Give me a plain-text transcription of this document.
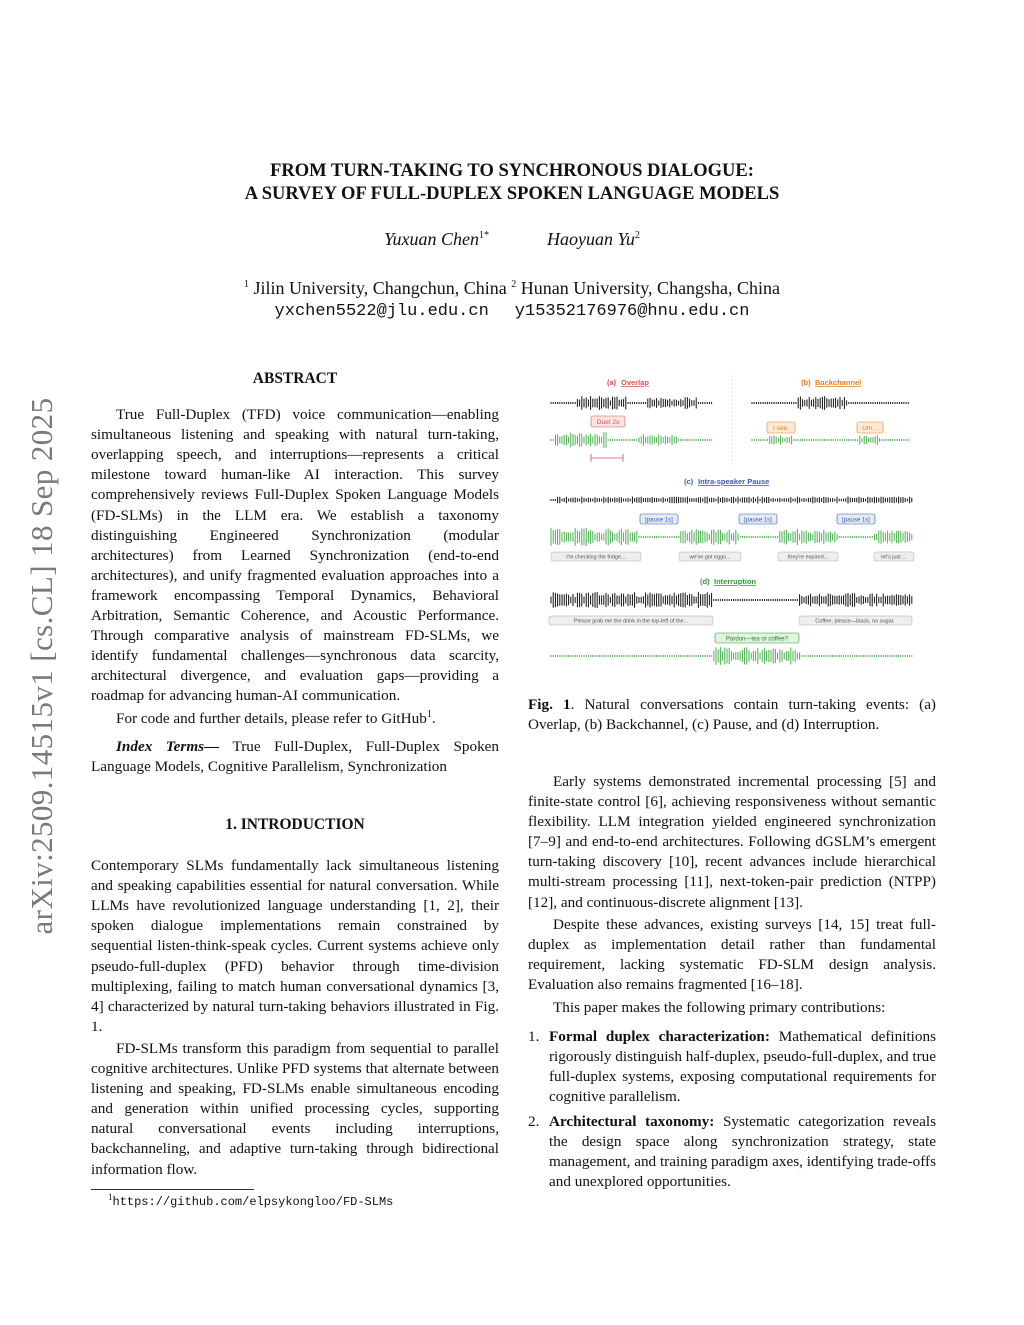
FROM TURN-TAKING TO SYNCHRONOUS DIALOGUE:
A SURVEY OF FULL-DUPLEX SPOKEN LANGUAGE MODELS
Yuxuan Chen$^{1*}$	Haoyuan Yu$^2$
$^1$ Jilin University, Changchun, China $^2$ Hunan University, Changsha, China
yxchen5522@jlu.edu.cn y15352176976@hnu.edu.cn
arXiv:2509.14515v1 [cs.CL] 18 Sep 2025
ABSTRACT

True Full-Duplex (TFD) voice communication—enabling simultaneous listening and speaking with natural turn-taking, overlapping speech, and interruptions—represents a critical milestone toward human-like AI interaction. This survey comprehensively reviews Full-Duplex Spoken Language Models (FD-SLMs) in the LLM era. We establish a taxonomy distinguishing Engineered Synchronization (modular architectures) from Learned Synchronization (end-to-end architectures), and unify fragmented evaluation approaches into a framework encompassing Temporal Dynamics, Behavioral Arbitration, Semantic Coherence, and Acoustic Performance. Through comparative analysis of mainstream FD-SLMs, we identify fundamental challenges—synchronous data scarcity, architectural divergence, and evaluation gaps—providing a roadmap for advancing human-AI communication.

For code and further details, please refer to GitHub$^1$.

Index Terms— True Full-Duplex, Full-Duplex Spoken Language Models, Cognitive Parallelism, Synchronization

1. INTRODUCTION

Contemporary SLMs fundamentally lack simultaneous listening and speaking capabilities essential for natural conversation. While LLMs have revolutionized language understanding [1, 2], their spoken dialogue implementations remain constrained by sequential listen-think-speak cycles. Current systems achieve only pseudo-full-duplex (PFD) behavior through time-division multiplexing, failing to match human conversational dynamics [3, 4] characterized by natural turn-taking behaviors illustrated in Fig. 1.

FD-SLMs transform this paradigm from sequential to parallel cognitive architectures. Unlike PFD systems that alternate between listening and speaking, FD-SLMs enable simultaneous encoding and generation within unified processing cycles, supporting natural conversational events including interruptions, backchanneling, and adaptive turn-taking through bidirectional information flow.

$^1$https://github.com/elpsykongloo/FD-SLMs
(a) Overlap
Duet 2s
(b) Backchannel
I see.	Um...
(c) Intra-speaker Pause
[pause 1s]	[pause 1s]	[pause 1s]
I'm checking the fridge...	we've got eggs...	they're expired...	let's just ...
(d) Interruption
Please grab me the drink in the top-left of the...	Coffee, please—black, no sugar.
Pardon—tea or coffee?
Fig. 1. Natural conversations contain turn-taking events: (a) Overlap, (b) Backchannel, (c) Pause, and (d) Interruption.

Early systems demonstrated incremental processing [5] and finite-state control [6], achieving responsiveness without semantic flexibility. LLM integration yielded engineered synchronization [7–9] and end-to-end architectures. Following dGSLM’s emergent turn-taking discovery [10], recent advances include hierarchical multi-stream processing [11], next-token-pair prediction (NTPP) [12], and continuous-discrete alignment [13].

Despite these advances, existing surveys [14, 15] treat full-duplex as implementation detail rather than fundamental requirement, lacking systematic FD-SLM design analysis. Evaluation also remains fragmented [16–18].

This paper makes the following primary contributions:

1. Formal duplex characterization: Mathematical definitions rigorously distinguish half-duplex, pseudo-full-duplex, and true full-duplex systems, exposing computational requirements for cognitive parallelism.
2. Architectural taxonomy: Systematic categorization reveals the design space along synchronization strategy, state management, and training paradigm axes, identifying trade-offs and unexplored opportunities.
